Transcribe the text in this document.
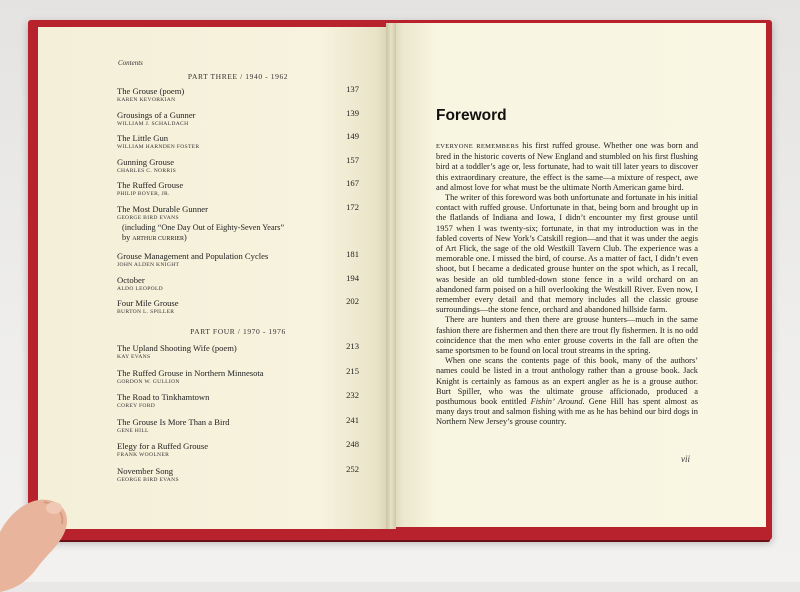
Contents
PART THREE / 1940 - 1962
The Grouse (poem)
KAREN KEVORKIAN
137
Grousings of a Gunner
WILLIAM J. SCHALDACH
139
The Little Gun
WILLIAM HARNDEN FOSTER
149
Gunning Grouse
CHARLES C. NORRIS
157
The Ruffed Grouse
PHILIP BOYER, JR.
167
The Most Durable Gunner
GEORGE BIRD EVANS
(including “One Day Out of Eighty-Seven Years”
by ARTHUR CURRIER)
172
Grouse Management and Population Cycles
JOHN ALDEN KNIGHT
181
October
ALDO LEOPOLD
194
Four Mile Grouse
BURTON L. SPILLER
202
PART FOUR / 1970 - 1976
The Upland Shooting Wife (poem)
KAY EVANS
213
The Ruffed Grouse in Northern Minnesota
GORDON W. GULLION
215
The Road to Tinkhamtown
COREY FORD
232
The Grouse Is More Than a Bird
GENE HILL
241
Elegy for a Ruffed Grouse
FRANK WOOLNER
248
November Song
GEORGE BIRD EVANS
252
Foreword

EVERYONE REMEMBERS his first ruffed grouse. Whether one was born and bred in the historic coverts of New England and stumbled on his first flushing bird at a toddler’s age or, less fortunate, had to wait till later years to discover this extraordinary creature, the effect is the same—a mixture of respect, awe and almost love for what must be the ultimate North American game bird.

The writer of this foreword was both unfortunate and fortunate in his initial contact with ruffed grouse. Unfortunate in that, being born and brought up in the flatlands of Indiana and Iowa, I didn’t encounter my first grouse until 1957 when I was twenty-six; fortunate, in that my introduction was in the fabled coverts of New York’s Catskill region—and that it was under the aegis of Art Flick, the sage of the old Westkill Tavern Club. The experience was a memorable one. I missed the bird, of course. As a matter of fact, I didn’t even shoot, but I became a dedicated grouse hunter on the spot which, as I recall, was beside an old tumbled-down stone fence in a wild orchard on an abandoned farm poised on a hill overlooking the Westkill River. Even now, I remember every detail and that memory includes all the classic grouse surroundings—the stone fence, orchard and abandoned hillside farm.

There are hunters and then there are grouse hunters—much in the same fashion there are fishermen and then there are trout fly fishermen. It is no odd coincidence that the men who enter grouse coverts in the fall are often the same sportsmen to be found on local trout streams in the spring.

When one scans the contents page of this book, many of the authors’ names could be listed in a trout anthology rather than a grouse book. Jack Knight is certainly as famous as an expert angler as he is a grouse author. Burt Spiller, who was the ultimate grouse afficionado, produced a posthumous book entitled Fishin’ Around. Gene Hill has spent almost as many days trout and salmon fishing with me as he has behind our bird dogs in Northern New Jersey’s grouse country.

vii
